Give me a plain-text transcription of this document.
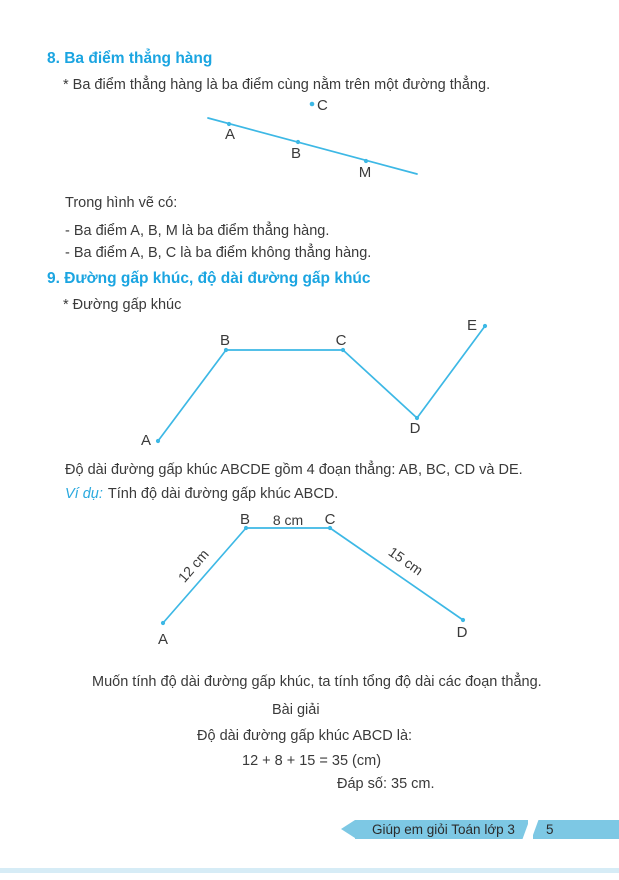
8. Ba điểm thẳng hàng
* Ba điểm thẳng hàng là ba điểm cùng nằm trên một đường thẳng.
A
B
M
C
Trong hình vẽ có:
- Ba điểm A, B, M là ba điểm thẳng hàng.
- Ba điểm A, B, C là ba điểm không thẳng hàng.
9. Đường gấp khúc, độ dài đường gấp khúc
* Đường gấp khúc
A
B	C
D
E
Độ dài đường gấp khúc ABCDE gồm 4 đoạn thẳng: AB, BC, CD và DE.
Ví dụ: Tính độ dài đường gấp khúc ABCD.
A
B	C
D
8 cm
12 cm	15 cm
Muốn tính độ dài đường gấp khúc, ta tính tổng độ dài các đoạn thẳng.
Bài giải
Độ dài đường gấp khúc ABCD là:
12 + 8 + 15 = 35 (cm)
Đáp số: 35 cm.
Giúp em giỏi Toán lớp 3 5
